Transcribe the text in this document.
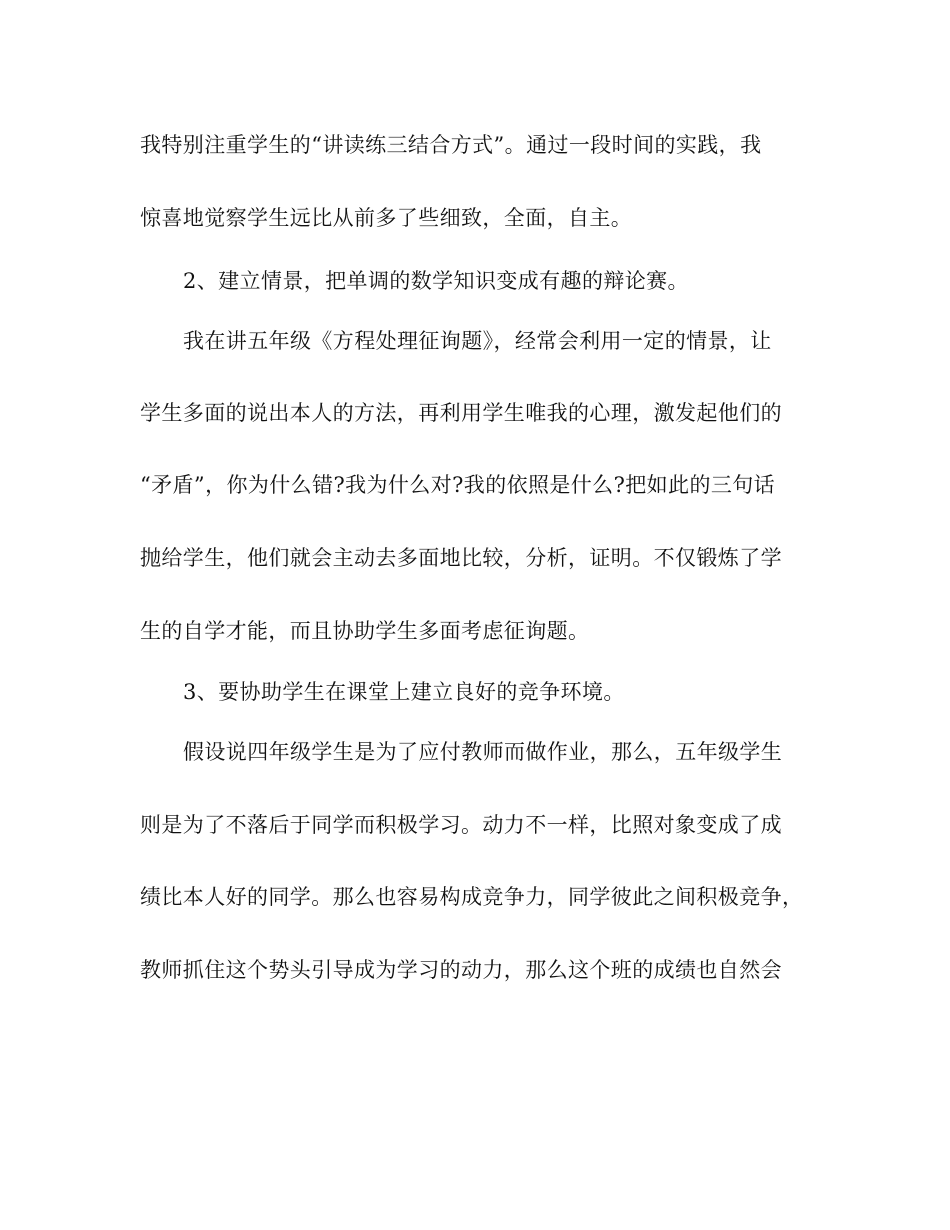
我特别注重学生的“讲读练三结合方式”。通过一段时间的实践，我
惊喜地觉察学生远比从前多了些细致，全面，自主。
2、建立情景，把单调的数学知识变成有趣的辩论赛。
我在讲五年级《方程处理征询题》，经常会利用一定的情景，让
学生多面的说出本人的方法，再利用学生唯我的心理，激发起他们的
“矛盾”，你为什么错?我为什么对?我的依照是什么?把如此的三句话
抛给学生，他们就会主动去多面地比较，分析，证明。不仅锻炼了学
生的自学才能，而且协助学生多面考虑征询题。
3、要协助学生在课堂上建立良好的竞争环境。
假设说四年级学生是为了应付教师而做作业，那么，五年级学生
则是为了不落后于同学而积极学习。动力不一样，比照对象变成了成
绩比本人好的同学。那么也容易构成竞争力，同学彼此之间积极竞争，
教师抓住这个势头引导成为学习的动力，那么这个班的成绩也自然会
